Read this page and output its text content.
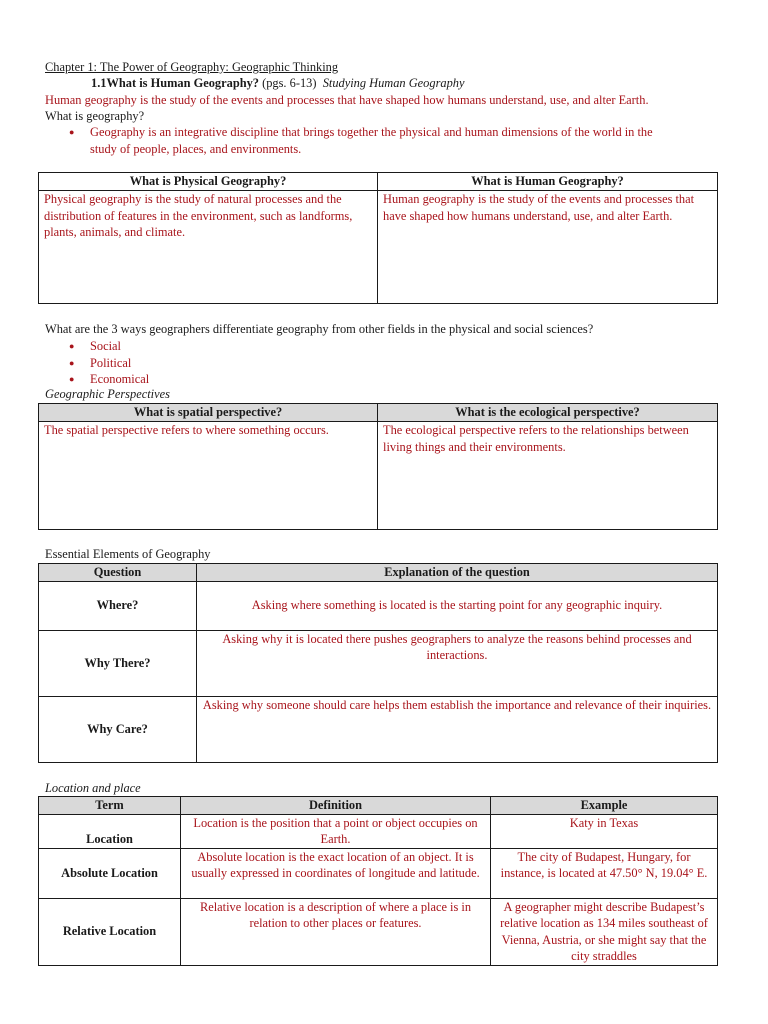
Chapter 1: The Power of Geography: Geographic Thinking
1.1What is Human Geography? (pgs. 6-13) Studying Human Geography
Human geography is the study of the events and processes that have shaped how humans understand, use, and alter Earth.
What is geography?
● Geography is an integrative discipline that brings together the physical and human dimensions of the world in the
study of people, places, and environments.
What is Physical Geography?	What is Human Geography?
Physical geography is the study of natural processes and the distribution of features in the environment, such as landforms, plants, animals, and climate.	Human geography is the study of the events and processes that have shaped how humans understand, use, and alter Earth.
What are the 3 ways geographers differentiate geography from other fields in the physical and social sciences?
● Social
● Political
● Economical
Geographic Perspectives
What is spatial perspective?	What is the ecological perspective?
The spatial perspective refers to where something occurs.	The ecological perspective refers to the relationships between living things and their environments.
Essential Elements of Geography
Question	Explanation of the question
Where?	Asking where something is located is the starting point for any geographic inquiry.
Why There?	Asking why it is located there pushes geographers to analyze the reasons behind processes and interactions.
Why Care?	Asking why someone should care helps them establish the importance and relevance of their inquiries.
Location and place
Term	Definition	Example
Location	Location is the position that a point or object occupies on Earth.	Katy in Texas
Absolute Location	Absolute location is the exact location of an object. It is usually expressed in coordinates of longitude and latitude.	The city of Budapest, Hungary, for instance, is located at 47.50° N, 19.04° E.
Relative Location	Relative location is a description of where a place is in relation to other places or features.	A geographer might describe Budapest’s relative location as 134 miles southeast of Vienna, Austria, or she might say that the city straddles
